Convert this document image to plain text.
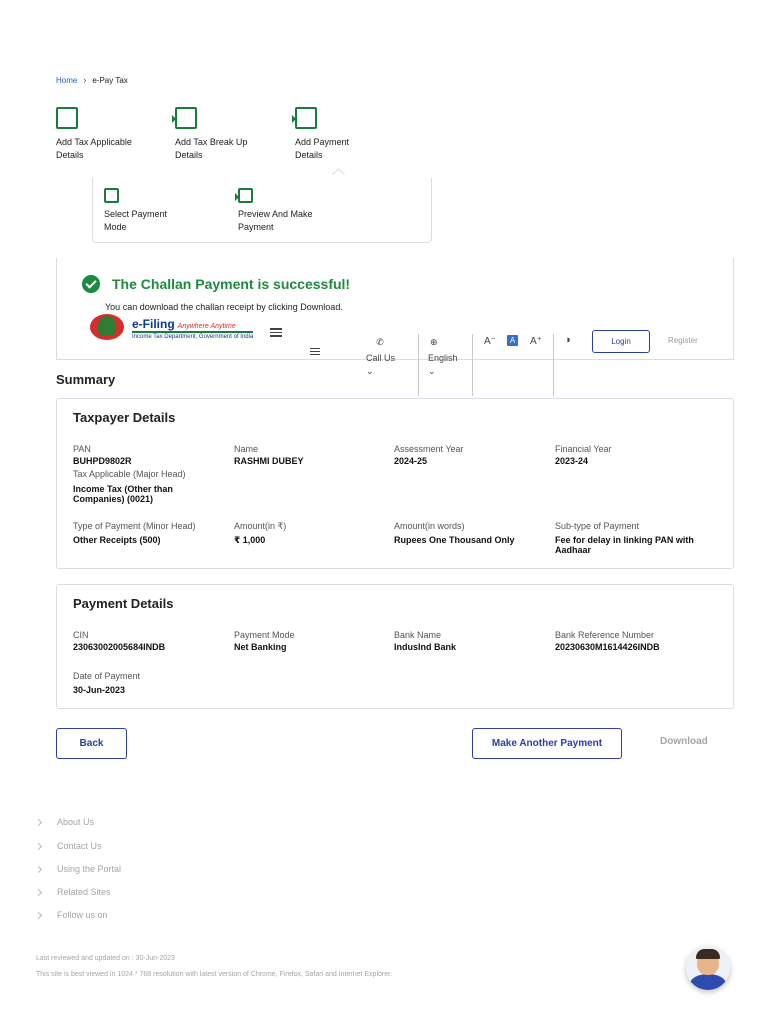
Home › e-Pay Tax
Add Tax Applicable Details
Add Tax Break Up Details
Add Payment Details
Select Payment Mode
Preview And Make Payment
The Challan Payment is successful!
You can download the challan receipt by clicking Download.
e-Filing Anywhere Anytime
Income Tax Department, Government of India
✆
Call Us ⌄
⊕
English
⌄
A⁻	A A⁺ ◑	Login	Register
Summary
Taxpayer Details
PAN
BUHPD9802R
Name
RASHMI DUBEY
Assessment Year
2024-25
Financial Year
2023-24
Tax Applicable (Major Head)
Income Tax (Other than Companies) (0021)
Type of Payment (Minor Head)
Other Receipts (500)
Amount(in ₹)
₹ 1,000
Amount(in words)
Rupees One Thousand Only
Sub-type of Payment
Fee for delay in linking PAN with Aadhaar
Payment Details
CIN
23063002005684INDB
Payment Mode
Net Banking
Bank Name
IndusInd Bank
Bank Reference Number
20230630M1614426INDB
Date of Payment
30-Jun-2023
Back	Make Another Payment	Download
About Us
Contact Us
Using the Portal
Related Sites
Follow us on
Last reviewed and updated on : 30-Jun-2023
This site is best viewed in 1024 * 768 resolution with latest version of Chrome, Firefox, Safari and Internet Explorer.
